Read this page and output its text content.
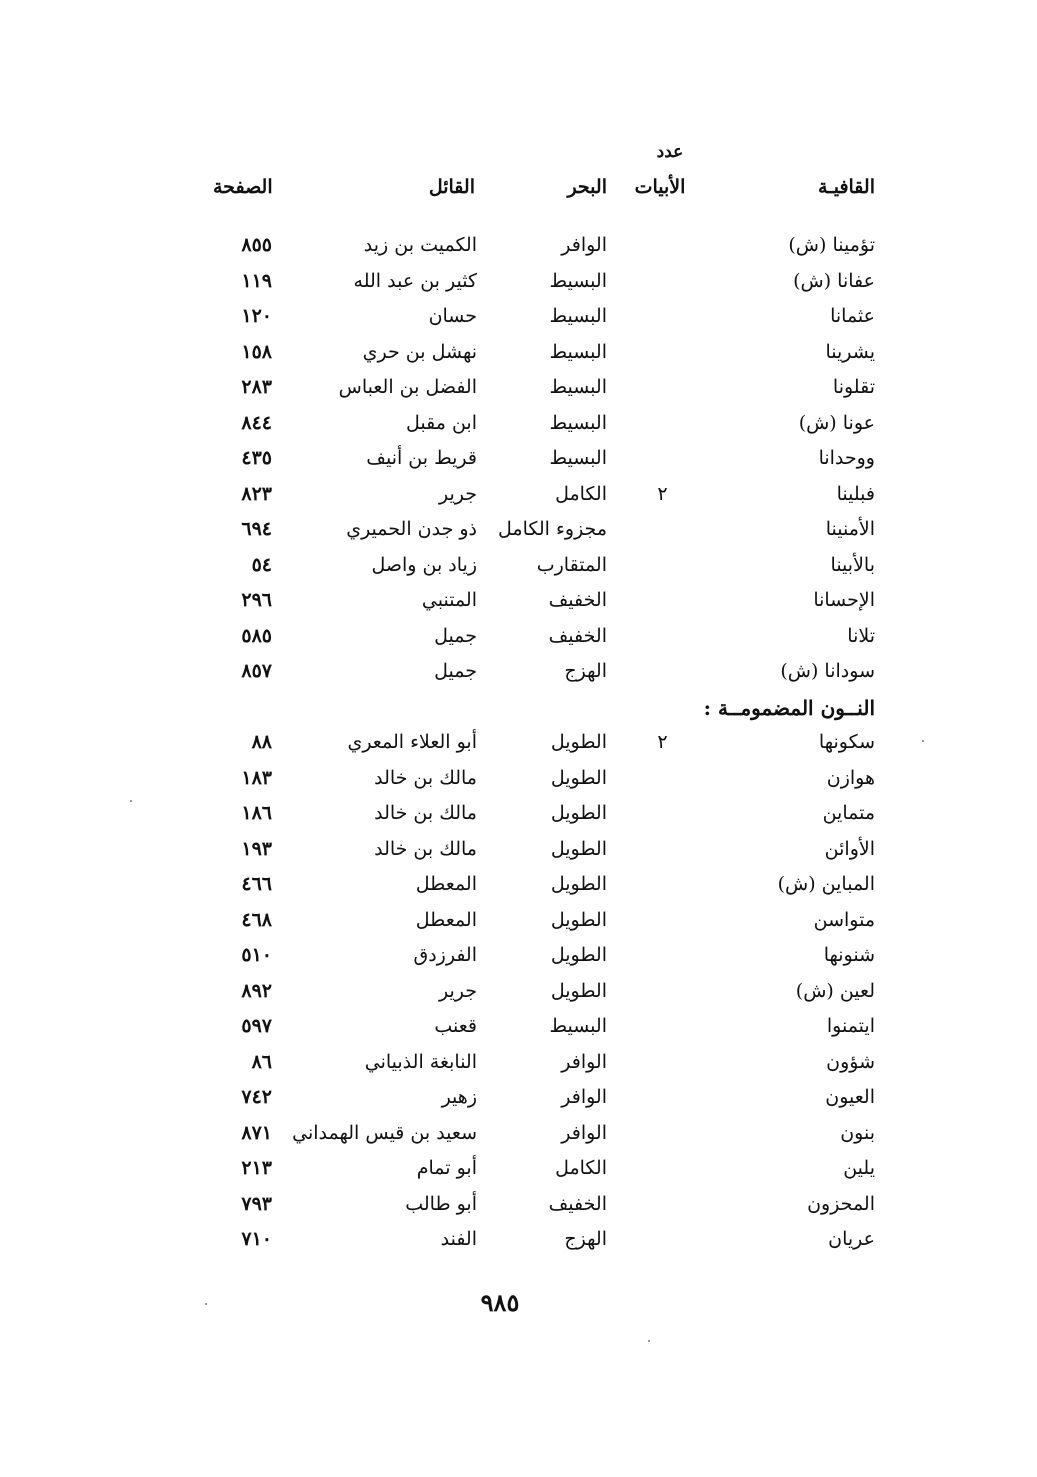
عدد
القافيـة
الأبيات
البحر
القائل
الصفحة
تؤمينا (ش)
الوافر
الكميت بن زيد
٨٥٥
عفانا (ش)
البسيط
كثير بن عبد الله
١١٩
عثمانا
البسيط
حسان
١٢٠
يشرينا
البسيط
نهشل بن حري
١٥٨
تقلونا
البسيط
الفضل بن العباس
٢٨٣
عونا (ش)
البسيط
ابن مقبل
٨٤٤
ووحدانا
البسيط
قريط بن أنيف
٤٣٥
فبلينا
٢
الكامل
جرير
٨٢٣
الأمنينا
مجزوء الكامل
ذو جدن الحميري
٦٩٤
بالأبينا
المتقارب
زياد بن واصل
٥٤
الإحسانا
الخفيف
المتنبي
٢٩٦
تلانا
الخفيف
جميل
٥٨٥
سودانا (ش)
الهزج
جميل
٨٥٧
النــون المضمومــة :
سكونها
٢
الطويل
أبو العلاء المعري
٨٨
هوازن
الطويل
مالك بن خالد
١٨٣
متماين
الطويل
مالك بن خالد
١٨٦
الأوائن
الطويل
مالك بن خالد
١٩٣
المباين (ش)
الطويل
المعطل
٤٦٦
متواسن
الطويل
المعطل
٤٦٨
شنونها
الطويل
الفرزدق
٥١٠
لعين (ش)
الطويل
جرير
٨٩٢
ايتمنوا
البسيط
قعنب
٥٩٧
شؤون
الوافر
النابغة الذبياني
٨٦
العيون
الوافر
زهير
٧٤٢
بنون
الوافر
سعيد بن قيس الهمداني
٨٧١
يلين
الكامل
أبو تمام
٢١٣
المحزون
الخفيف
أبو طالب
٧٩٣
عريان
الهزج
الفند
٧١٠
٩٨٥
